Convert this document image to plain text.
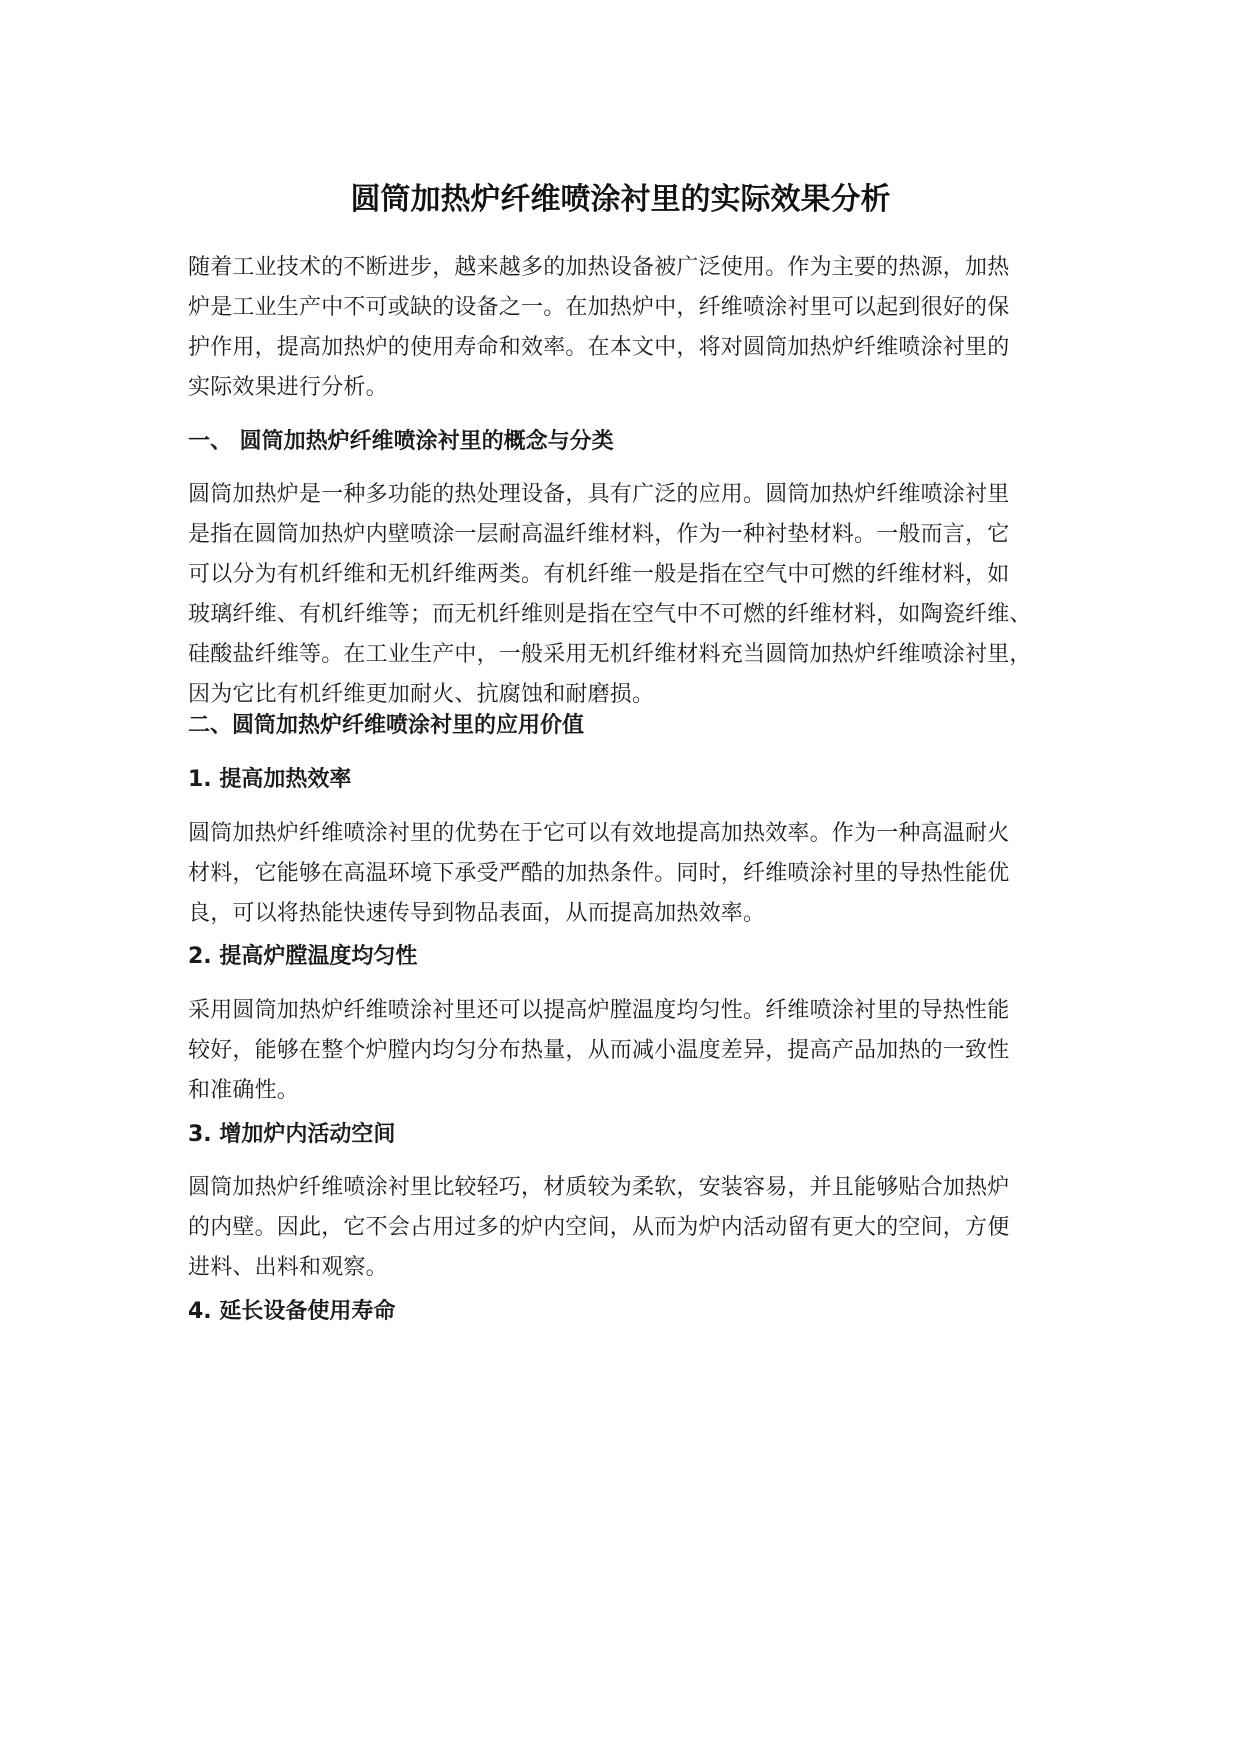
圆筒加热炉纤维喷涂衬里的实际效果分析

随着工业技术的不断进步，越来越多的加热设备被广泛使用。作为主要的热源，加热
炉是工业生产中不可或缺的设备之一。在加热炉中，纤维喷涂衬里可以起到很好的保
护作用，提高加热炉的使用寿命和效率。在本文中，将对圆筒加热炉纤维喷涂衬里的
实际效果进行分析。

一、 圆筒加热炉纤维喷涂衬里的概念与分类

圆筒加热炉是一种多功能的热处理设备，具有广泛的应用。圆筒加热炉纤维喷涂衬里
是指在圆筒加热炉内壁喷涂一层耐高温纤维材料，作为一种衬垫材料。一般而言，它
可以分为有机纤维和无机纤维两类。有机纤维一般是指在空气中可燃的纤维材料，如
玻璃纤维、有机纤维等；而无机纤维则是指在空气中不可燃的纤维材料，如陶瓷纤维、
硅酸盐纤维等。在工业生产中，一般采用无机纤维材料充当圆筒加热炉纤维喷涂衬里，
因为它比有机纤维更加耐火、抗腐蚀和耐磨损。

二、圆筒加热炉纤维喷涂衬里的应用价值
1. 提高加热效率

圆筒加热炉纤维喷涂衬里的优势在于它可以有效地提高加热效率。作为一种高温耐火
材料，它能够在高温环境下承受严酷的加热条件。同时，纤维喷涂衬里的导热性能优
良，可以将热能快速传导到物品表面，从而提高加热效率。

2. 提高炉膛温度均匀性

采用圆筒加热炉纤维喷涂衬里还可以提高炉膛温度均匀性。纤维喷涂衬里的导热性能
较好，能够在整个炉膛内均匀分布热量，从而减小温度差异，提高产品加热的一致性
和准确性。

3. 增加炉内活动空间

圆筒加热炉纤维喷涂衬里比较轻巧，材质较为柔软，安装容易，并且能够贴合加热炉
的内壁。因此，它不会占用过多的炉内空间，从而为炉内活动留有更大的空间，方便
进料、出料和观察。

4. 延长设备使用寿命
